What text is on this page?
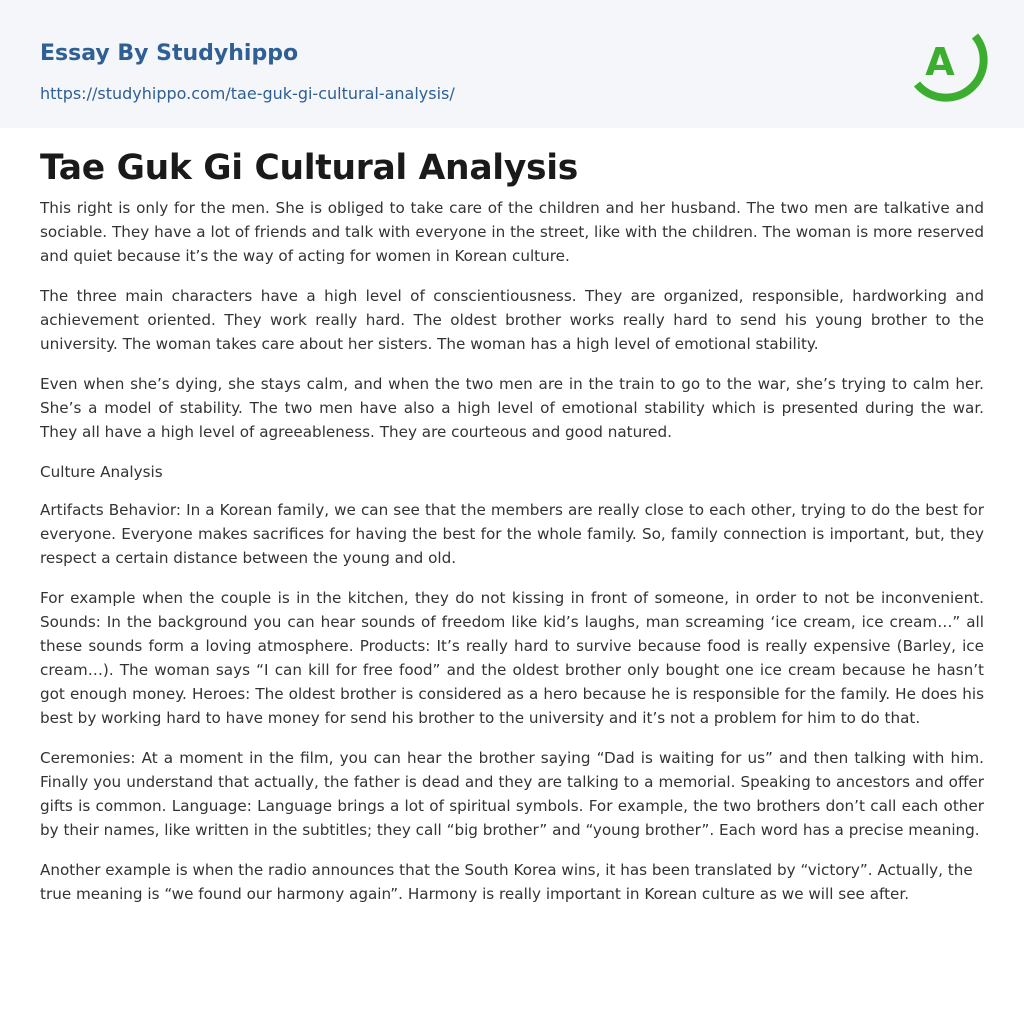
Essay By Studyhippo
https://studyhippo.com/tae-guk-gi-cultural-analysis/
A
Tae Guk Gi Cultural Analysis

This right is only for the men. She is obliged to take care of the children and her husband. The two men are talkative and sociable. They have a lot of friends and talk with everyone in the street, like with the children. The woman is more reserved and quiet because it’s the way of acting for women in Korean culture.

The three main characters have a high level of conscientiousness. They are organized, responsible, hardworking and achievement oriented. They work really hard. The oldest brother works really hard to send his young brother to the university. The woman takes care about her sisters. The woman has a high level of emotional stability.

Even when she’s dying, she stays calm, and when the two men are in the train to go to the war, she’s trying to calm her. She’s a model of stability. The two men have also a high level of emotional stability which is presented during the war. They all have a high level of agreeableness. They are courteous and good natured.

Culture Analysis

Artifacts Behavior: In a Korean family, we can see that the members are really close to each other, trying to do the best for everyone. Everyone makes sacrifices for having the best for the whole family. So, family connection is important, but, they respect a certain distance between the young and old.

For example when the couple is in the kitchen, they do not kissing in front of someone, in order to not be inconvenient. Sounds: In the background you can hear sounds of freedom like kid’s laughs, man screaming ‘ice cream, ice cream…” all these sounds form a loving atmosphere. Products: It’s really hard to survive because food is really expensive (Barley, ice cream…). The woman says “I can kill for free food” and the oldest brother only bought one ice cream because he hasn’t got enough money. Heroes: The oldest brother is considered as a hero because he is responsible for the family. He does his best by working hard to have money for send his brother to the university and it’s not a problem for him to do that.

Ceremonies: At a moment in the film, you can hear the brother saying “Dad is waiting for us” and then talking with him. Finally you understand that actually, the father is dead and they are talking to a memorial. Speaking to ancestors and offer gifts is common. Language: Language brings a lot of spiritual symbols. For example, the two brothers don’t call each other by their names, like written in the subtitles; they call “big brother” and “young brother”. Each word has a precise meaning.

Another example is when the radio announces that the South Korea wins, it has been translated by “victory”. Actually, the true meaning is “we found our harmony again”. Harmony is really important in Korean culture as we will see after.
